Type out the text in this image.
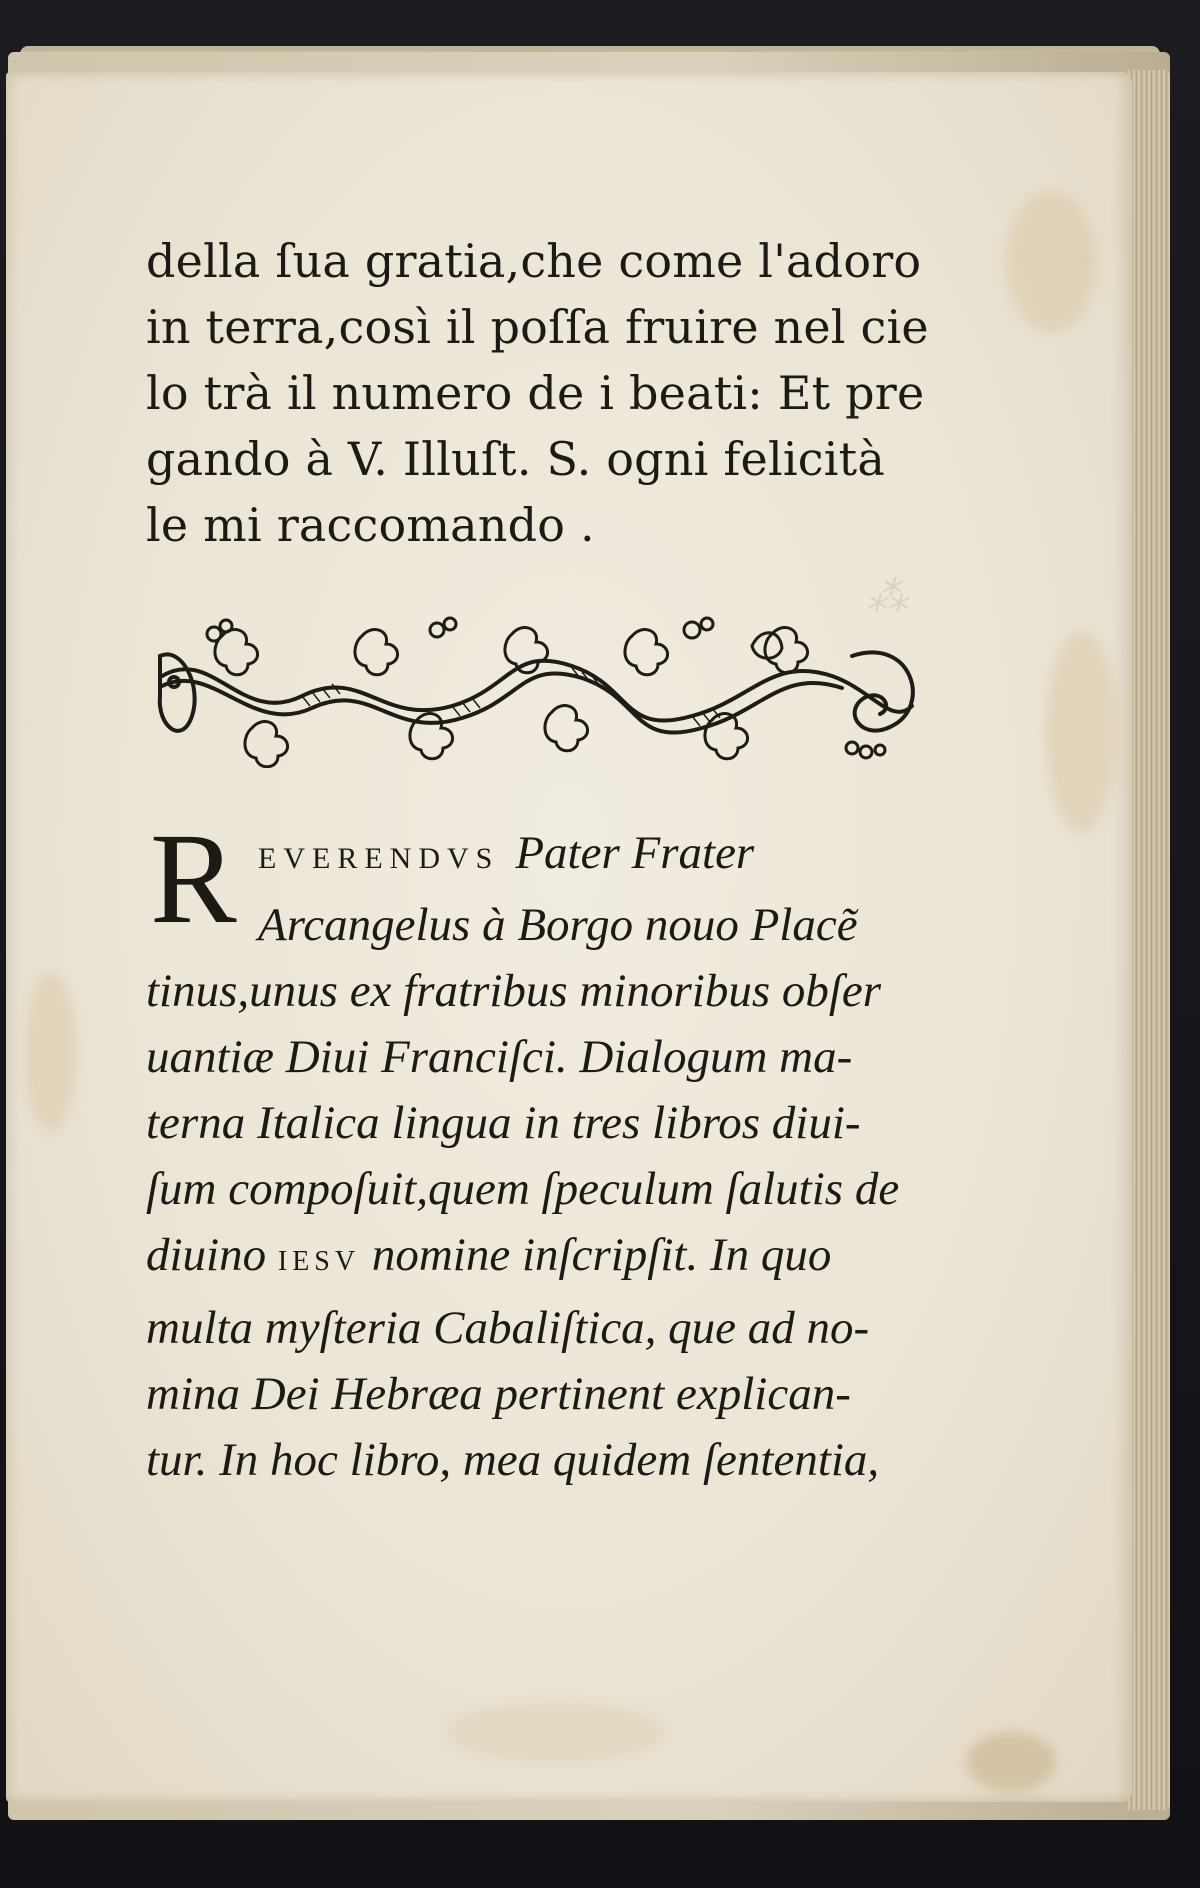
⁂
della ſua gratia,che come l'adoro
in terra,così il poſſa fruire nel cie
lo trà il numero de i beati: Et pre
gando à V. Illuſt. S. ogni felicità
le mi raccomando .
R EVERENDVS Pater Frater
Arcangelus à Borgo nouo Placẽ
tinus,unus ex fratribus minoribus obſer
uantiæ Diui Franciſci. Dialogum ma-
terna Italica lingua in tres libros diui-
ſum compoſuit,quem ſpeculum ſalutis de
diuino IESV nomine inſcripſit. In quo
multa myſteria Cabaliſtica, que ad no-
mina Dei Hebræa pertinent explican-
tur. In hoc libro, mea quidem ſententia,
